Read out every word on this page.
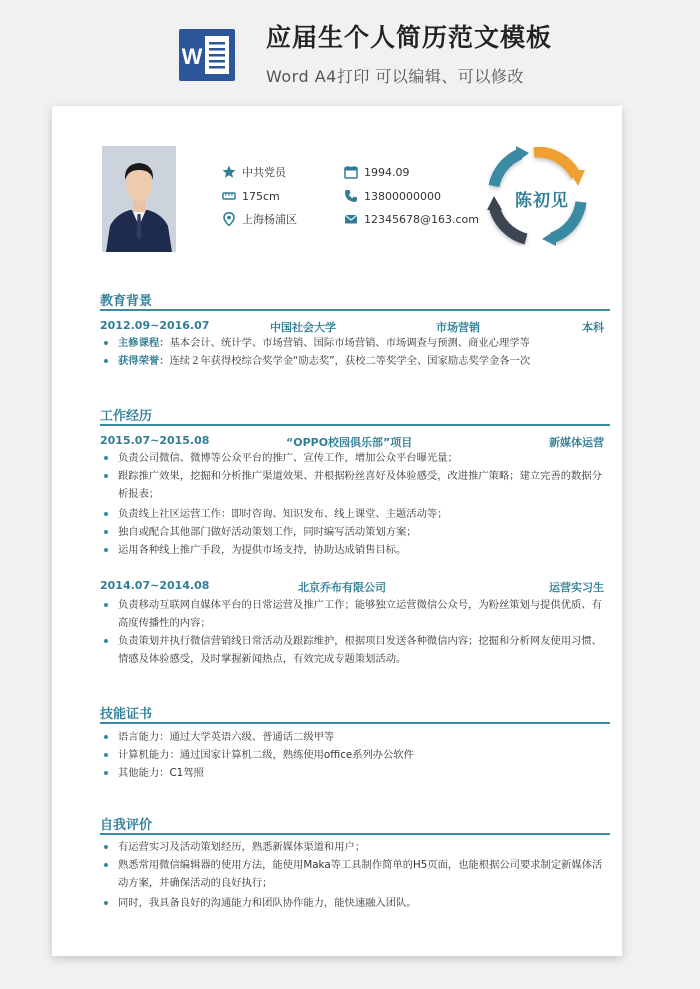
W
应届生个人简历范文模板
Word A4打印 可以编辑、可以修改
中共党员
175cm
上海杨浦区
1994.09
13800000000
12345678@163.com
陈初见
教育背景
2012.09~2016.07	中国社会大学	市场营销	本科
主修课程：基本会计、统计学、市场营销、国际市场营销、市场调查与预测、商业心理学等
获得荣誉：连续２年获得校综合奖学金“励志奖”，获校二等奖学全、国家励志奖学金各一次
工作经历
2015.07~2015.08	“OPPO校园俱乐部”项目	新媒体运营
负责公司微信、微博等公众平台的推广、宣传工作，增加公众平台曝光量；
跟踪推广效果，挖掘和分析推广渠道效果、并根据粉丝喜好及体验感受，改进推广策略；建立完善的数据分析报表；
负责线上社区运营工作：即时咨询、知识发布、线上课堂、主题活动等；
独自或配合其他部门做好活动策划工作，同时编写活动策划方案；
运用各种线上推广手段，为提供市场支持，协助达成销售目标。
2014.07~2014.08	北京乔布有限公司	运营实习生
负责移动互联网自媒体平台的日常运营及推广工作；能够独立运营微信公众号，为粉丝策划与提供优质、有高度传播性的内容；
负责策划并执行微信营销线日常活动及跟踪维护，根据项目发送各种微信内容；挖掘和分析网友使用习惯、情感及体验感受，及时掌握新闻热点，有效完成专题策划活动。
技能证书
语言能力：通过大学英语六级、普通话二级甲等
计算机能力：通过国家计算机二级，熟练使用office系列办公软件
其他能力：C1驾照
自我评价
有运营实习及活动策划经历，熟悉新媒体渠道和用户；
熟悉常用微信编辑器的使用方法，能使用Maka等工具制作简单的H5页面，也能根据公司要求制定新媒体活动方案，并确保活动的良好执行；
同时，我具备良好的沟通能力和团队协作能力，能快速融入团队。
